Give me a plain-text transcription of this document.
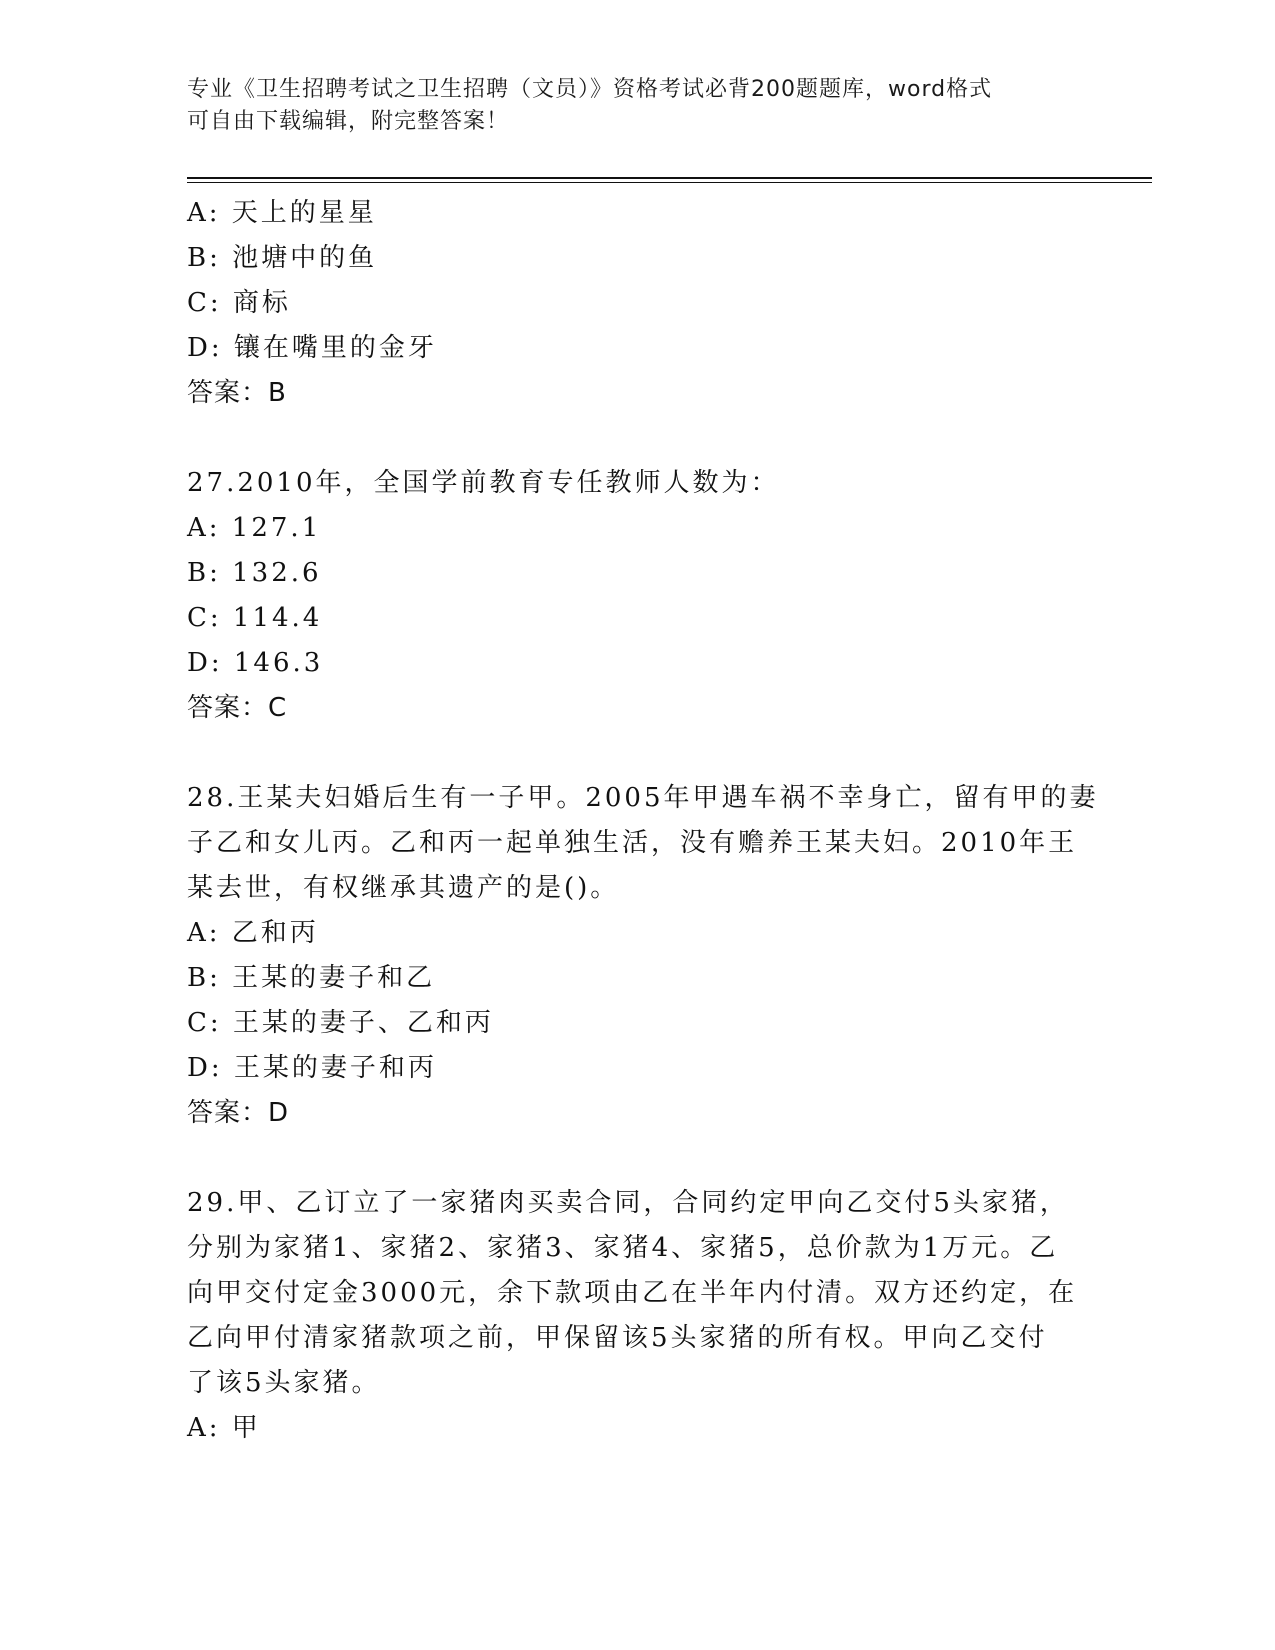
专业《卫生招聘考试之卫生招聘（文员）》资格考试必背200题题库，word格式
可自由下载编辑，附完整答案！
A: 天上的星星
B: 池塘中的鱼
C: 商标
D: 镶在嘴里的金牙
答案：B
27.2010年，全国学前教育专任教师人数为：
A: 127.1
B: 132.6
C: 114.4
D: 146.3
答案：C
28.王某夫妇婚后生有一子甲。2005年甲遇车祸不幸身亡，留有甲的妻
子乙和女儿丙。乙和丙一起单独生活，没有赡养王某夫妇。2010年王
某去世，有权继承其遗产的是()。
A: 乙和丙
B: 王某的妻子和乙
C: 王某的妻子、乙和丙
D: 王某的妻子和丙
答案：D
29.甲、乙订立了一家猪肉买卖合同，合同约定甲向乙交付5头家猪，
分别为家猪1、家猪2、家猪3、家猪4、家猪5，总价款为1万元。乙
向甲交付定金3000元，余下款项由乙在半年内付清。双方还约定，在
乙向甲付清家猪款项之前，甲保留该5头家猪的所有权。甲向乙交付
了该5头家猪。
A: 甲
